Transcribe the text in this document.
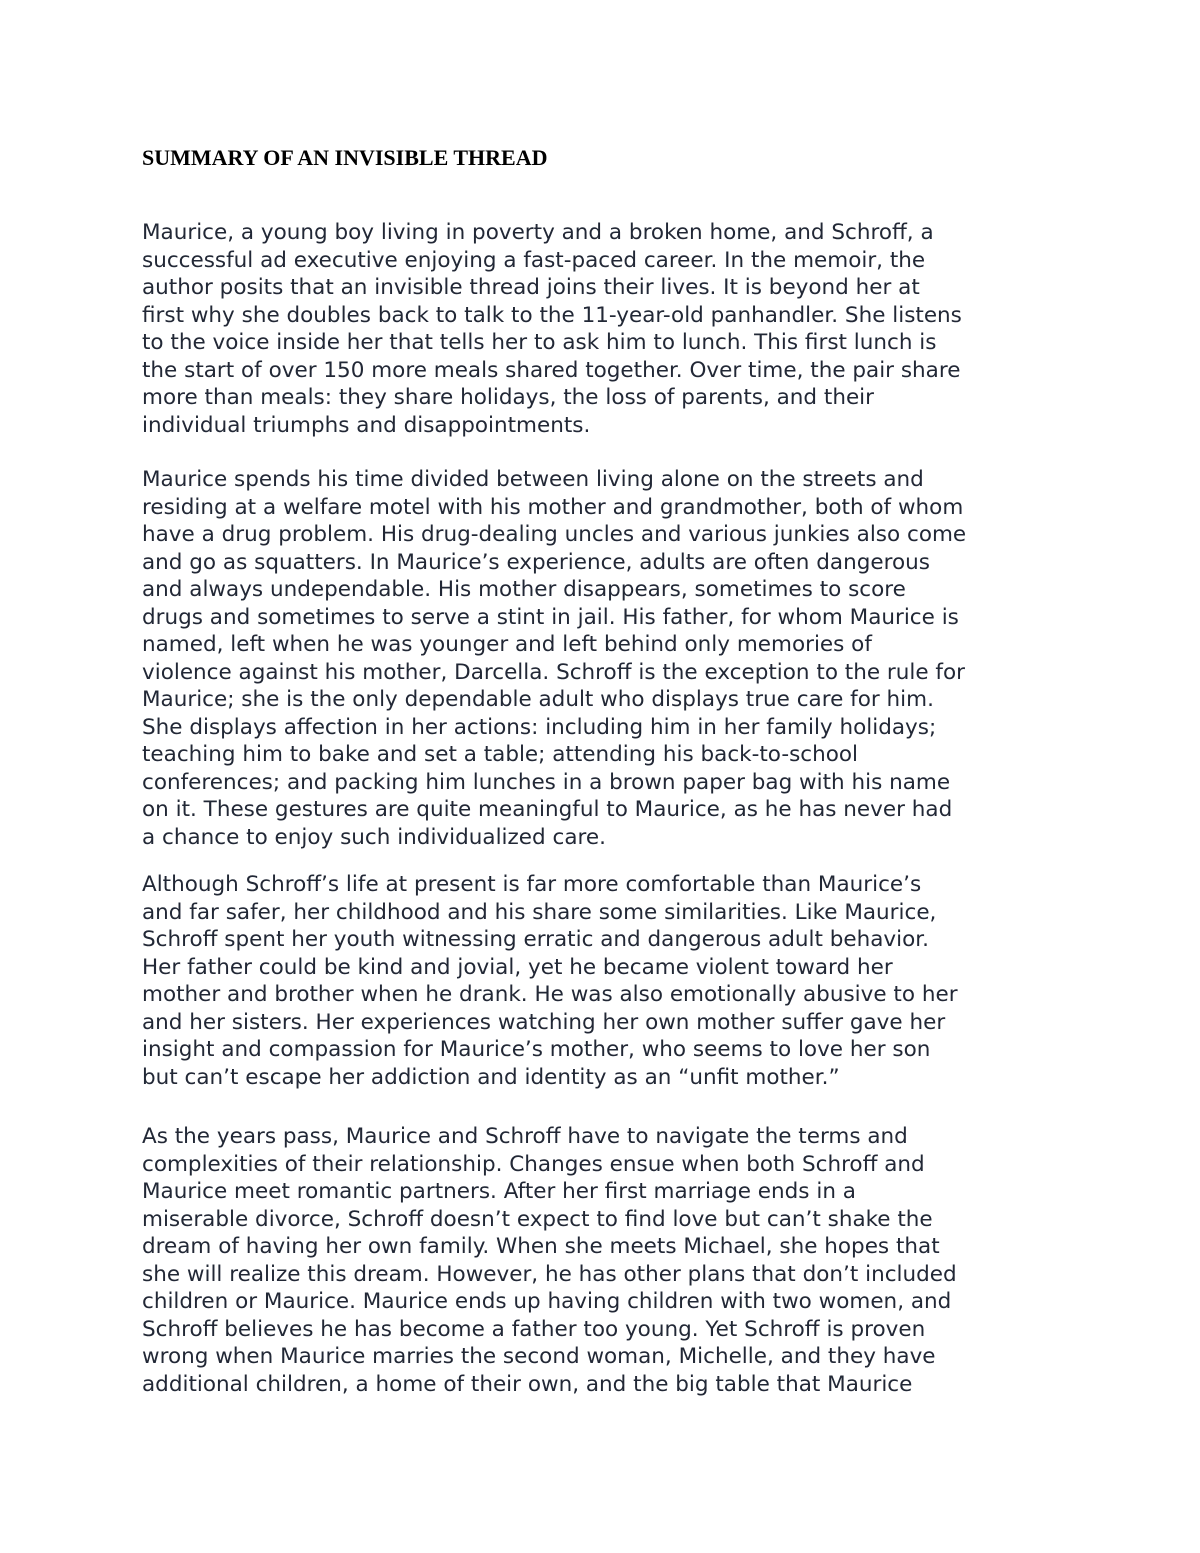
SUMMARY OF AN INVISIBLE THREAD

Maurice, a young boy living in poverty and a broken home, and Schroff, a
successful ad executive enjoying a fast-paced career. In the memoir, the
author posits that an invisible thread joins their lives. It is beyond her at
first why she doubles back to talk to the 11-year-old panhandler. She listens
to the voice inside her that tells her to ask him to lunch. This first lunch is
the start of over 150 more meals shared together. Over time, the pair share
more than meals: they share holidays, the loss of parents, and their
individual triumphs and disappointments.

Maurice spends his time divided between living alone on the streets and
residing at a welfare motel with his mother and grandmother, both of whom
have a drug problem. His drug-dealing uncles and various junkies also come
and go as squatters. In Maurice’s experience, adults are often dangerous
and always undependable. His mother disappears, sometimes to score
drugs and sometimes to serve a stint in jail. His father, for whom Maurice is
named, left when he was younger and left behind only memories of
violence against his mother, Darcella. Schroff is the exception to the rule for
Maurice; she is the only dependable adult who displays true care for him.
She displays affection in her actions: including him in her family holidays;
teaching him to bake and set a table; attending his back-to-school
conferences; and packing him lunches in a brown paper bag with his name
on it. These gestures are quite meaningful to Maurice, as he has never had
a chance to enjoy such individualized care.

Although Schroff’s life at present is far more comfortable than Maurice’s
and far safer, her childhood and his share some similarities. Like Maurice,
Schroff spent her youth witnessing erratic and dangerous adult behavior.
Her father could be kind and jovial, yet he became violent toward her
mother and brother when he drank. He was also emotionally abusive to her
and her sisters. Her experiences watching her own mother suffer gave her
insight and compassion for Maurice’s mother, who seems to love her son
but can’t escape her addiction and identity as an “unfit mother.”

As the years pass, Maurice and Schroff have to navigate the terms and
complexities of their relationship. Changes ensue when both Schroff and
Maurice meet romantic partners. After her first marriage ends in a
miserable divorce, Schroff doesn’t expect to find love but can’t shake the
dream of having her own family. When she meets Michael, she hopes that
she will realize this dream. However, he has other plans that don’t included
children or Maurice. Maurice ends up having children with two women, and
Schroff believes he has become a father too young. Yet Schroff is proven
wrong when Maurice marries the second woman, Michelle, and they have
additional children, a home of their own, and the big table that Maurice
